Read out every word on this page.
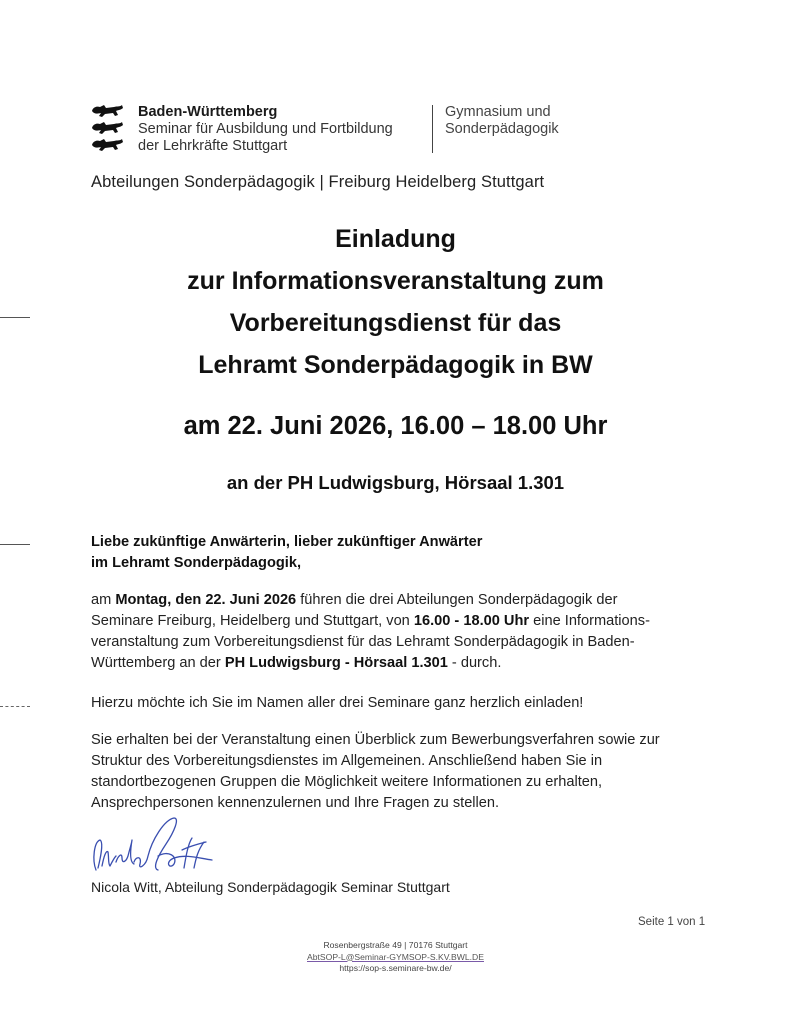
Baden-Württemberg
Seminar für Ausbildung und Fortbildung
der Lehrkräfte Stuttgart
Gymnasium und
Sonderpädagogik
Abteilungen Sonderpädagogik | Freiburg Heidelberg Stuttgart
Einladung
zur Informationsveranstaltung zum
Vorbereitungsdienst für das
Lehramt Sonderpädagogik in BW
am 22. Juni 2026, 16.00 – 18.00 Uhr
an der PH Ludwigsburg, Hörsaal 1.301
Liebe zukünftige Anwärterin, lieber zukünftiger Anwärter
im Lehramt Sonderpädagogik,
am Montag, den 22. Juni 2026 führen die drei Abteilungen Sonderpädagogik der
Seminare Freiburg, Heidelberg und Stuttgart, von 16.00 - 18.00 Uhr eine Informations-
veranstaltung zum Vorbereitungsdienst für das Lehramt Sonderpädagogik in Baden-
Württemberg an der PH Ludwigsburg - Hörsaal 1.301 - durch.
Hierzu möchte ich Sie im Namen aller drei Seminare ganz herzlich einladen!
Sie erhalten bei der Veranstaltung einen Überblick zum Bewerbungsverfahren sowie zur
Struktur des Vorbereitungsdienstes im Allgemeinen. Anschließend haben Sie in
standortbezogenen Gruppen die Möglichkeit weitere Informationen zu erhalten,
Ansprechpersonen kennenzulernen und Ihre Fragen zu stellen.
Nicola Witt, Abteilung Sonderpädagogik Seminar Stuttgart
Seite 1 von 1
Rosenbergstraße 49 | 70176 Stuttgart
AbtSOP-L@Seminar-GYMSOP-S.KV.BWL.DE
https://sop-s.seminare-bw.de/
